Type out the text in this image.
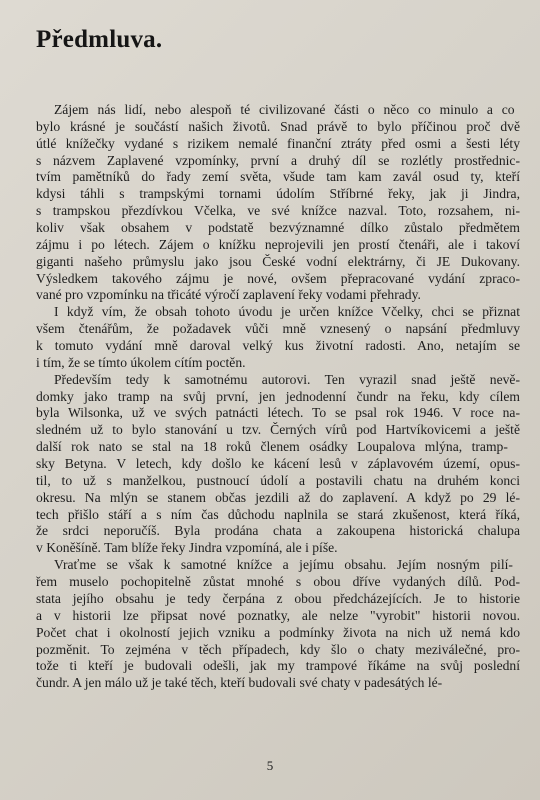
Předmluva.
Zájem nás lidí, nebo alespoň té civilizované části o něco co minulo a co
bylo krásné je součástí našich životů. Snad právě to bylo příčinou proč dvě
útlé knížečky vydané s rizikem nemalé finanční ztráty před osmi a šesti léty
s názvem Zaplavené vzpomínky, první a druhý díl se rozlétly prostřednic-
tvím pamětníků do řady zemí světa, všude tam kam zavál osud ty, kteří
kdysi táhli s trampskými tornami údolím Stříbrné řeky, jak ji Jindra,
s trampskou přezdívkou Včelka, ve své knížce nazval. Toto, rozsahem, ni-
koliv však obsahem v podstatě bezvýznamné dílko zůstalo předmětem
zájmu i po létech. Zájem o knížku neprojevili jen prostí čtenáři, ale i takoví
giganti našeho průmyslu jako jsou České vodní elektrárny, či JE Dukovany.
Výsledkem takového zájmu je nové, ovšem přepracované vydání zpraco-
vané pro vzpomínku na třicáté výročí zaplavení řeky vodami přehrady.
I když vím, že obsah tohoto úvodu je určen knížce Včelky, chci se přiznat
všem čtenářům, že požadavek vůči mně vznesený o napsání předmluvy
k tomuto vydání mně daroval velký kus životní radosti. Ano, netajím se
i tím, že se tímto úkolem cítím poctěn.
Především tedy k samotnému autorovi. Ten vyrazil snad ještě nevě-
domky jako tramp na svůj první, jen jednodenní čundr na řeku, kdy cílem
byla Wilsonka, už ve svých patnácti létech. To se psal rok 1946. V roce na-
sledném už to bylo stanování u tzv. Černých vírů pod Hartvíkovicemi a ještě
další rok nato se stal na 18 roků členem osádky Loupalova mlýna, tramp-
sky Betyna. V letech, kdy došlo ke kácení lesů v záplavovém území, opus-
til, to už s manželkou, pustnoucí údolí a postavili chatu na druhém konci
okresu. Na mlýn se stanem občas jezdili až do zaplavení. A když po 29 lé-
tech přišlo stáří a s ním čas důchodu naplnila se stará zkušenost, která říká,
že srdci neporučíš. Byla prodána chata a zakoupena historická chalupa
v Koněšíně. Tam blíže řeky Jindra vzpomíná, ale i píše.
Vraťme se však k samotné knížce a jejímu obsahu. Jejím nosným pilí-
řem muselo pochopitelně zůstat mnohé s obou dříve vydaných dílů. Pod-
stata jejího obsahu je tedy čerpána z obou předcházejících. Je to historie
a v historii lze připsat nové poznatky, ale nelze "vyrobit" historii novou.
Počet chat i okolností jejich vzniku a podmínky života na nich už nemá kdo
pozměnit. To zejména v těch případech, kdy šlo o chaty meziválečné, pro-
tože ti kteří je budovali odešli, jak my trampové říkáme na svůj poslední
čundr. A jen málo už je také těch, kteří budovali své chaty v padesátých lé-
5
